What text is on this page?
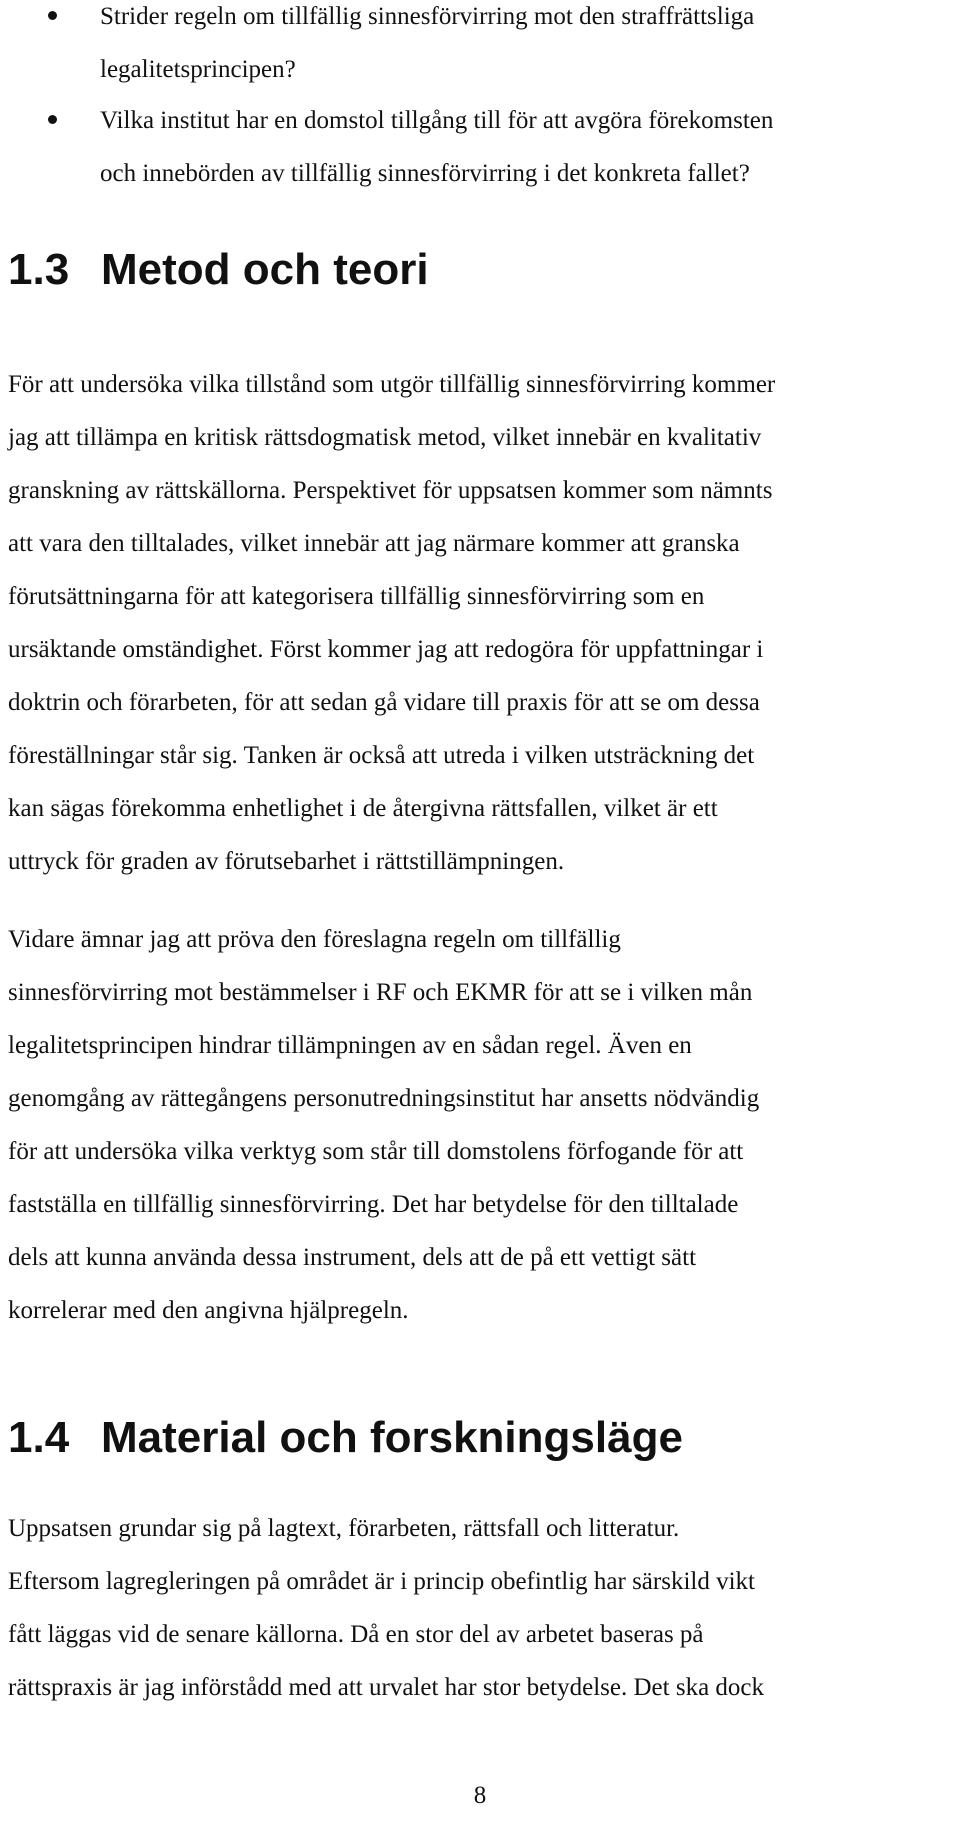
Strider regeln om tillfällig sinnesförvirring mot den straffrättsliga
legalitetsprincipen?
Vilka institut har en domstol tillgång till för att avgöra förekomsten
och innebörden av tillfällig sinnesförvirring i det konkreta fallet?
1.3 Metod och teori

För att undersöka vilka tillstånd som utgör tillfällig sinnesförvirring kommer
jag att tillämpa en kritisk rättsdogmatisk metod, vilket innebär en kvalitativ
granskning av rättskällorna. Perspektivet för uppsatsen kommer som nämnts
att vara den tilltalades, vilket innebär att jag närmare kommer att granska
förutsättningarna för att kategorisera tillfällig sinnesförvirring som en
ursäktande omständighet. Först kommer jag att redogöra för uppfattningar i
doktrin och förarbeten, för att sedan gå vidare till praxis för att se om dessa
föreställningar står sig. Tanken är också att utreda i vilken utsträckning det
kan sägas förekomma enhetlighet i de återgivna rättsfallen, vilket är ett
uttryck för graden av förutsebarhet i rättstillämpningen.

Vidare ämnar jag att pröva den föreslagna regeln om tillfällig
sinnesförvirring mot bestämmelser i RF och EKMR för att se i vilken mån
legalitetsprincipen hindrar tillämpningen av en sådan regel. Även en
genomgång av rättegångens personutredningsinstitut har ansetts nödvändig
för att undersöka vilka verktyg som står till domstolens förfogande för att
fastställa en tillfällig sinnesförvirring. Det har betydelse för den tilltalade
dels att kunna använda dessa instrument, dels att de på ett vettigt sätt
korrelerar med den angivna hjälpregeln.

1.4 Material och forskningsläge

Uppsatsen grundar sig på lagtext, förarbeten, rättsfall och litteratur.
Eftersom lagregleringen på området är i princip obefintlig har särskild vikt
fått läggas vid de senare källorna. Då en stor del av arbetet baseras på
rättspraxis är jag införstådd med att urvalet har stor betydelse. Det ska dock

8
